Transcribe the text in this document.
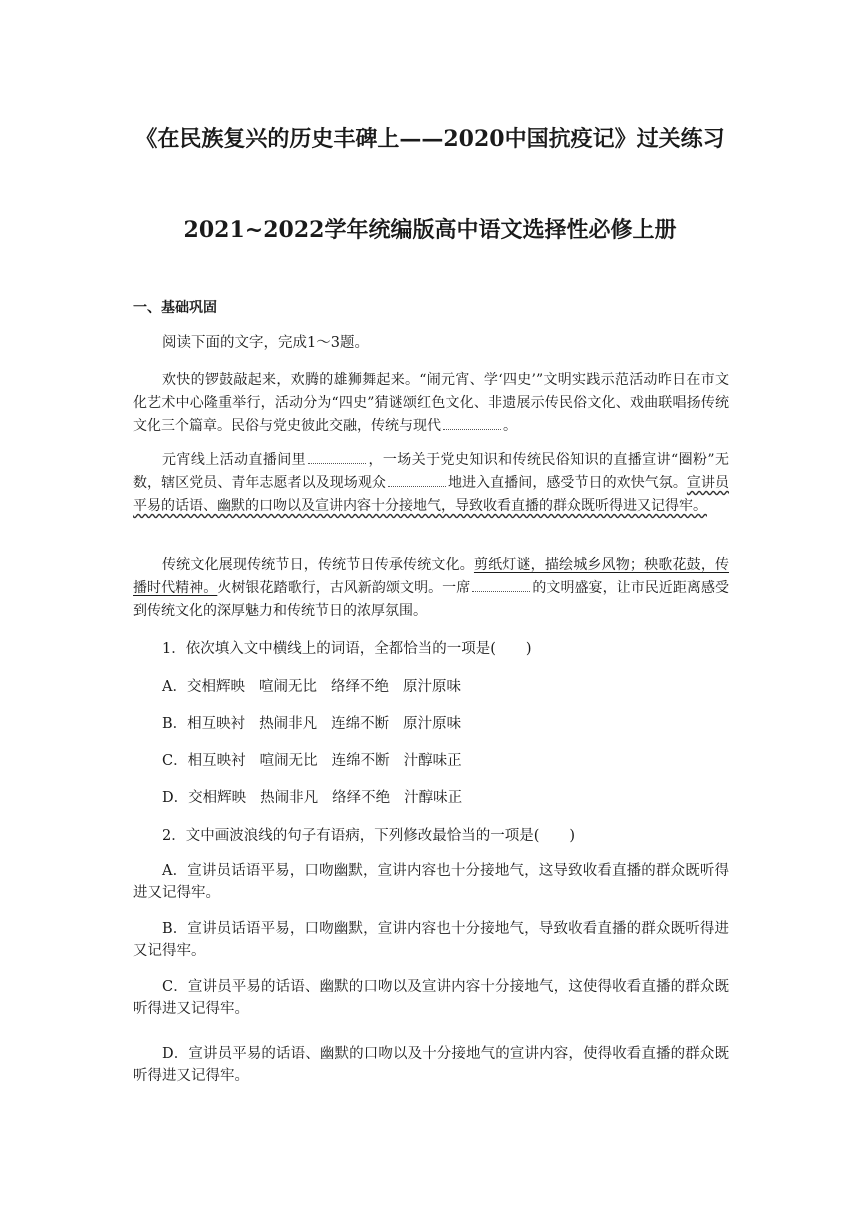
《在民族复兴的历史丰碑上——2020中国抗疫记》过关练习
2021~2022学年统编版高中语文选择性必修上册
一、基础巩固
阅读下面的文字，完成1～3题。
欢快的锣鼓敲起来，欢腾的雄狮舞起来。“闹元宵、学‘四史’”文明实践示范活动昨日在市文化艺术中心隆重举行，活动分为“四史”猜谜颂红色文化、非遗展示传民俗文化、戏曲联唱扬传统文化三个篇章。民俗与党史彼此交融，传统与现代	。
元宵线上活动直播间里	，一场关于党史知识和传统民俗知识的直播宣讲“圈粉”无数，辖区党员、青年志愿者以及现场观众	地进入直播间，感受节日的欢快气氛。宣讲员平易的话语、幽默的口吻以及宣讲内容十分接地气，导致收看直播的群众既听得进又记得牢。
传统文化展现传统节日，传统节日传承传统文化。剪纸灯谜，描绘城乡风物；秧歌花鼓，传播时代精神。火树银花踏歌行，古风新韵颂文明。一席	的文明盛宴，让市民近距离感受到传统文化的深厚魅力和传统节日的浓厚氛围。
1．依次填入文中横线上的词语，全都恰当的一项是( )
A．交相辉映 喧闹无比 络绎不绝 原汁原味
B．相互映衬 热闹非凡 连绵不断 原汁原味
C．相互映衬 喧闹无比 连绵不断 汁醇味正
D．交相辉映 热闹非凡 络绎不绝 汁醇味正
2．文中画波浪线的句子有语病，下列修改最恰当的一项是( )
A．宣讲员话语平易，口吻幽默，宣讲内容也十分接地气，这导致收看直播的群众既听得进又记得牢。
B．宣讲员话语平易，口吻幽默，宣讲内容也十分接地气，导致收看直播的群众既听得进又记得牢。
C．宣讲员平易的话语、幽默的口吻以及宣讲内容十分接地气，这使得收看直播的群众既听得进又记得牢。
D．宣讲员平易的话语、幽默的口吻以及十分接地气的宣讲内容，使得收看直播的群众既听得进又记得牢。
